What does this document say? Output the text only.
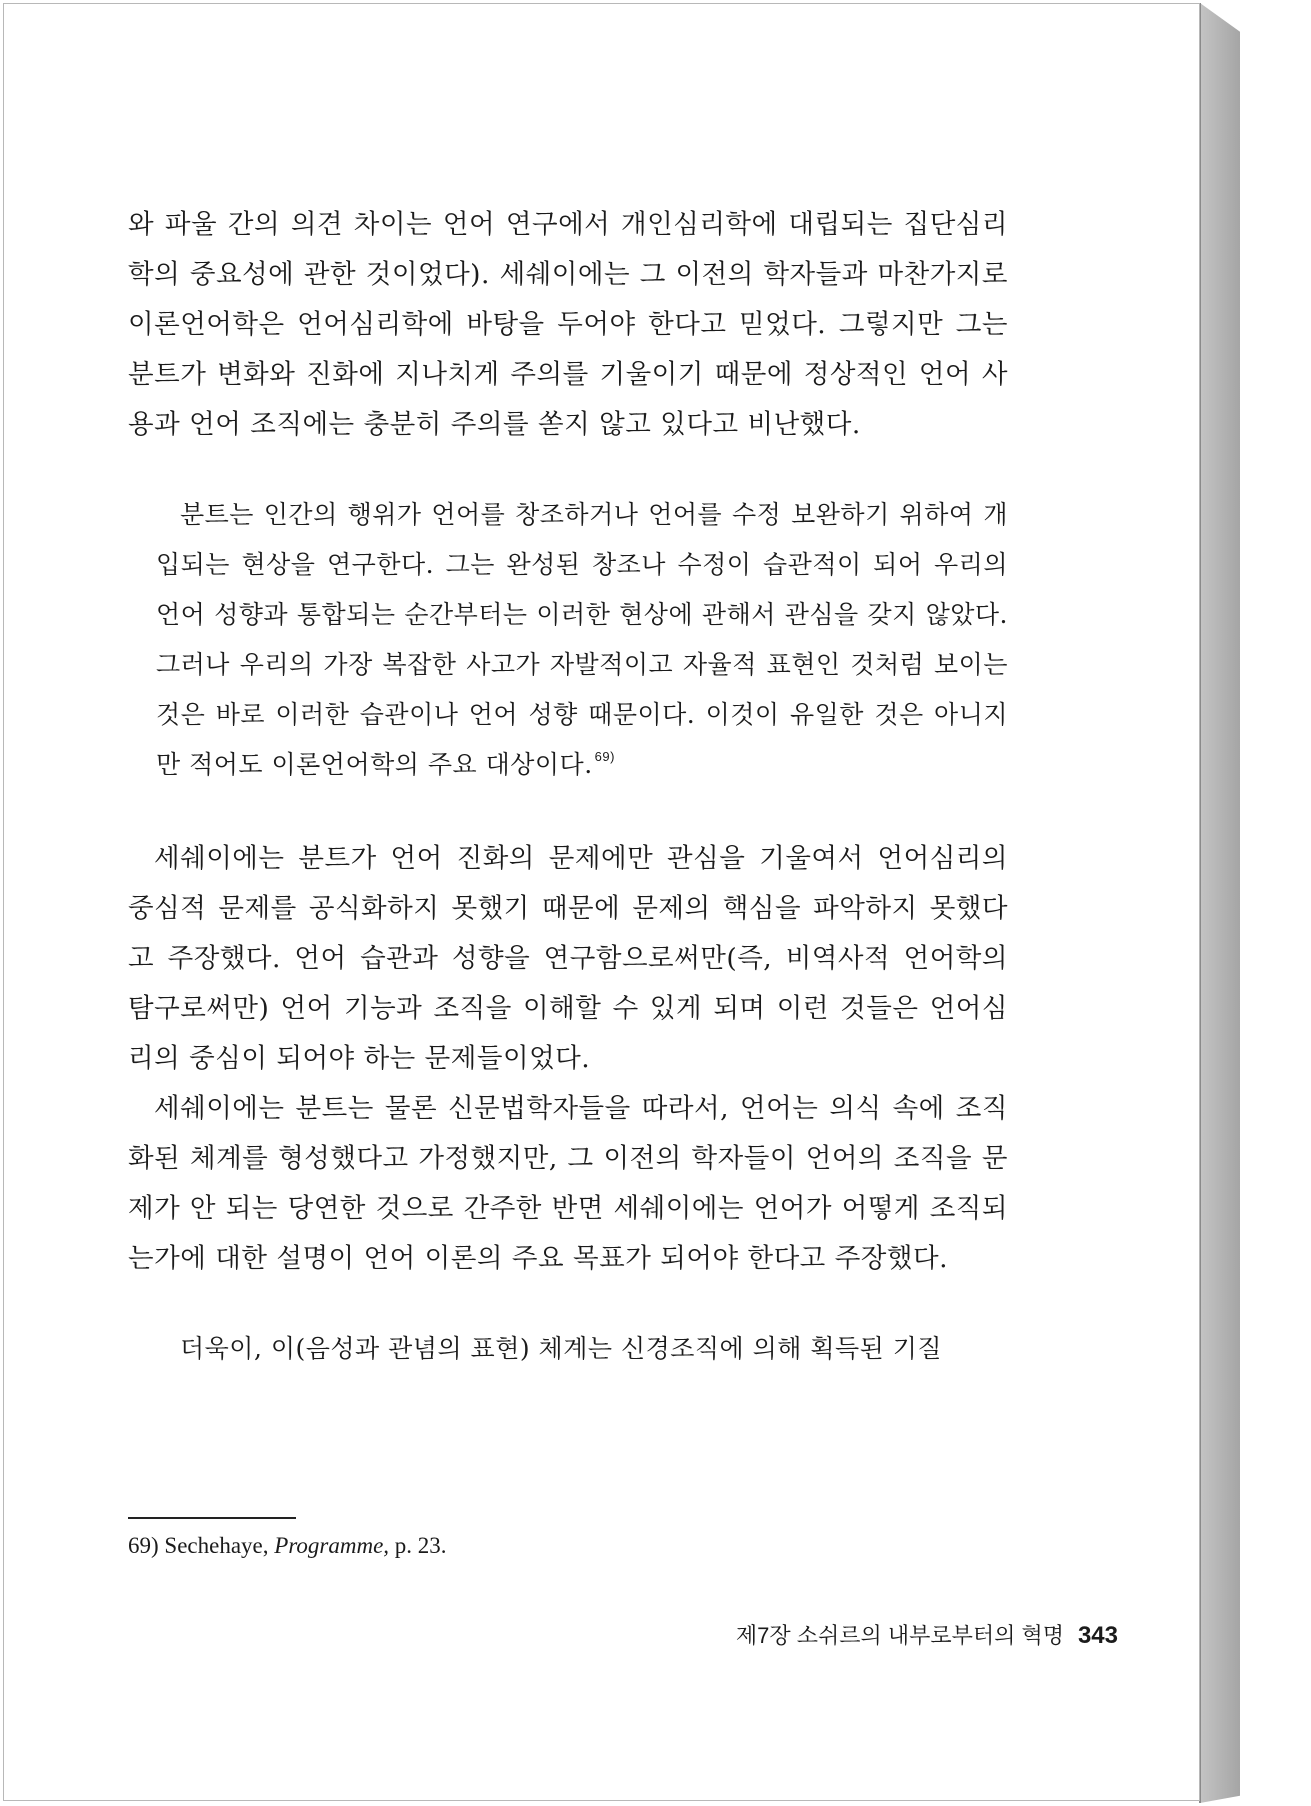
와 파울 간의 의견 차이는 언어 연구에서 개인심리학에 대립되는 집단심리학의 중요성에 관한 것이었다). 세쉐이에는 그 이전의 학자들과 마찬가지로 이론언어학은 언어심리학에 바탕을 두어야 한다고 믿었다. 그렇지만 그는 분트가 변화와 진화에 지나치게 주의를 기울이기 때문에 정상적인 언어 사용과 언어 조직에는 충분히 주의를 쏟지 않고 있다고 비난했다.

분트는 인간의 행위가 언어를 창조하거나 언어를 수정 보완하기 위하여 개입되는 현상을 연구한다. 그는 완성된 창조나 수정이 습관적이 되어 우리의 언어 성향과 통합되는 순간부터는 이러한 현상에 관해서 관심을 갖지 않았다. 그러나 우리의 가장 복잡한 사고가 자발적이고 자율적 표현인 것처럼 보이는 것은 바로 이러한 습관이나 언어 성향 때문이다. 이것이 유일한 것은 아니지만 적어도 이론언어학의 주요 대상이다. $^{69)}$

세쉐이에는 분트가 언어 진화의 문제에만 관심을 기울여서 언어심리의 중심적 문제를 공식화하지 못했기 때문에 문제의 핵심을 파악하지 못했다고 주장했다. 언어 습관과 성향을 연구함으로써만(즉, 비역사적 언어학의 탐구로써만) 언어 기능과 조직을 이해할 수 있게 되며 이런 것들은 언어심리의 중심이 되어야 하는 문제들이었다.

세쉐이에는 분트는 물론 신문법학자들을 따라서, 언어는 의식 속에 조직화된 체계를 형성했다고 가정했지만, 그 이전의 학자들이 언어의 조직을 문제가 안 되는 당연한 것으로 간주한 반면 세쉐이에는 언어가 어떻게 조직되는가에 대한 설명이 언어 이론의 주요 목표가 되어야 한다고 주장했다.

더욱이, 이(음성과 관념의 표현) 체계는 신경조직에 의해 획득된 기질

69) Sechehaye, Programme, p. 23.
제7장 소쉬르의 내부로부터의 혁명 343
